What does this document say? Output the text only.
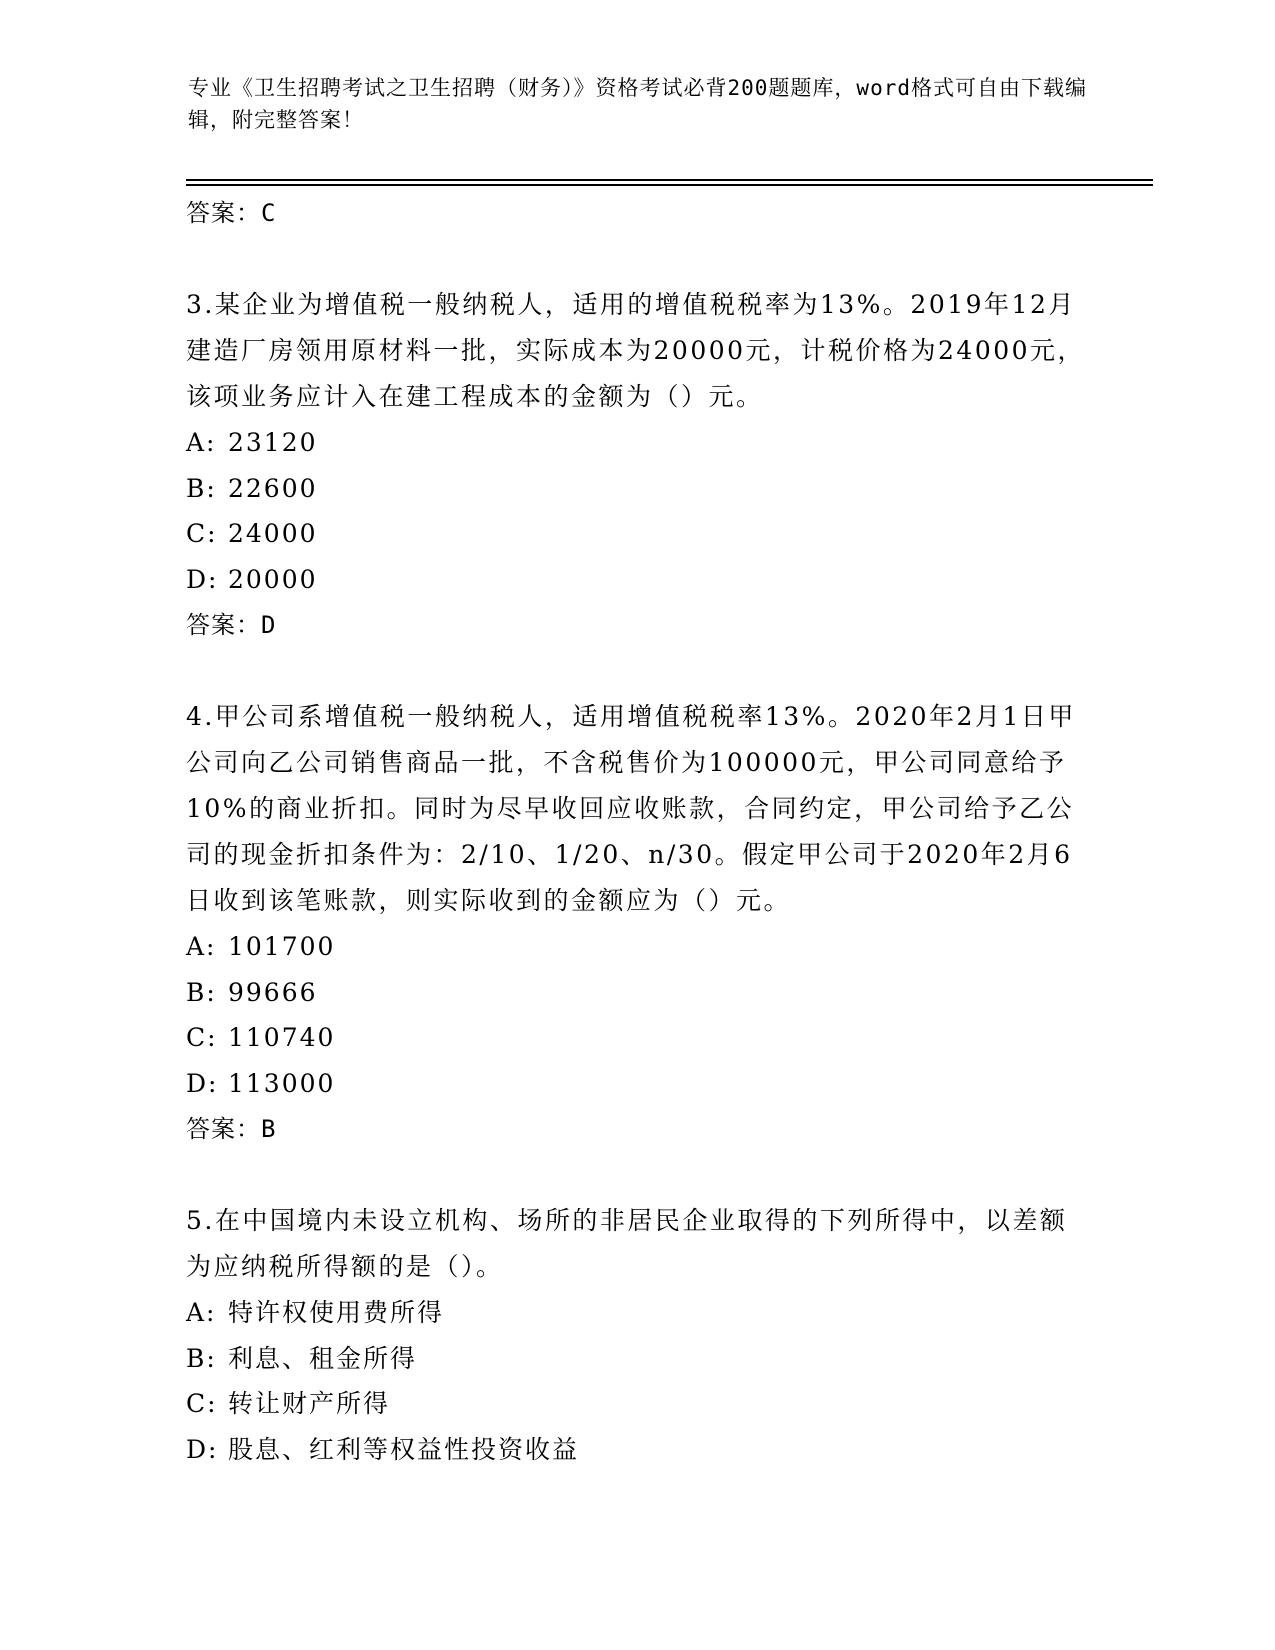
专业《卫生招聘考试之卫生招聘（财务）》资格考试必背200题题库，word格式可自由下载编辑，附完整答案！
答案：C
3.某企业为增值税一般纳税人，适用的增值税税率为13%。2019年12月建造厂房领用原材料一批，实际成本为20000元，计税价格为24000元，该项业务应计入在建工程成本的金额为（）元。
A: 23120
B: 22600
C: 24000
D: 20000
答案：D
4.甲公司系增值税一般纳税人，适用增值税税率13%。2020年2月1日甲公司向乙公司销售商品一批，不含税售价为100000元，甲公司同意给予10%的商业折扣。同时为尽早收回应收账款，合同约定，甲公司给予乙公司的现金折扣条件为：2/10、1/20、n/30。假定甲公司于2020年2月6日收到该笔账款，则实际收到的金额应为（）元。
A: 101700
B: 99666
C: 110740
D: 113000
答案：B
5.在中国境内未设立机构、场所的非居民企业取得的下列所得中，以差额为应纳税所得额的是（）。
A: 特许权使用费所得
B: 利息、租金所得
C: 转让财产所得
D: 股息、红利等权益性投资收益
